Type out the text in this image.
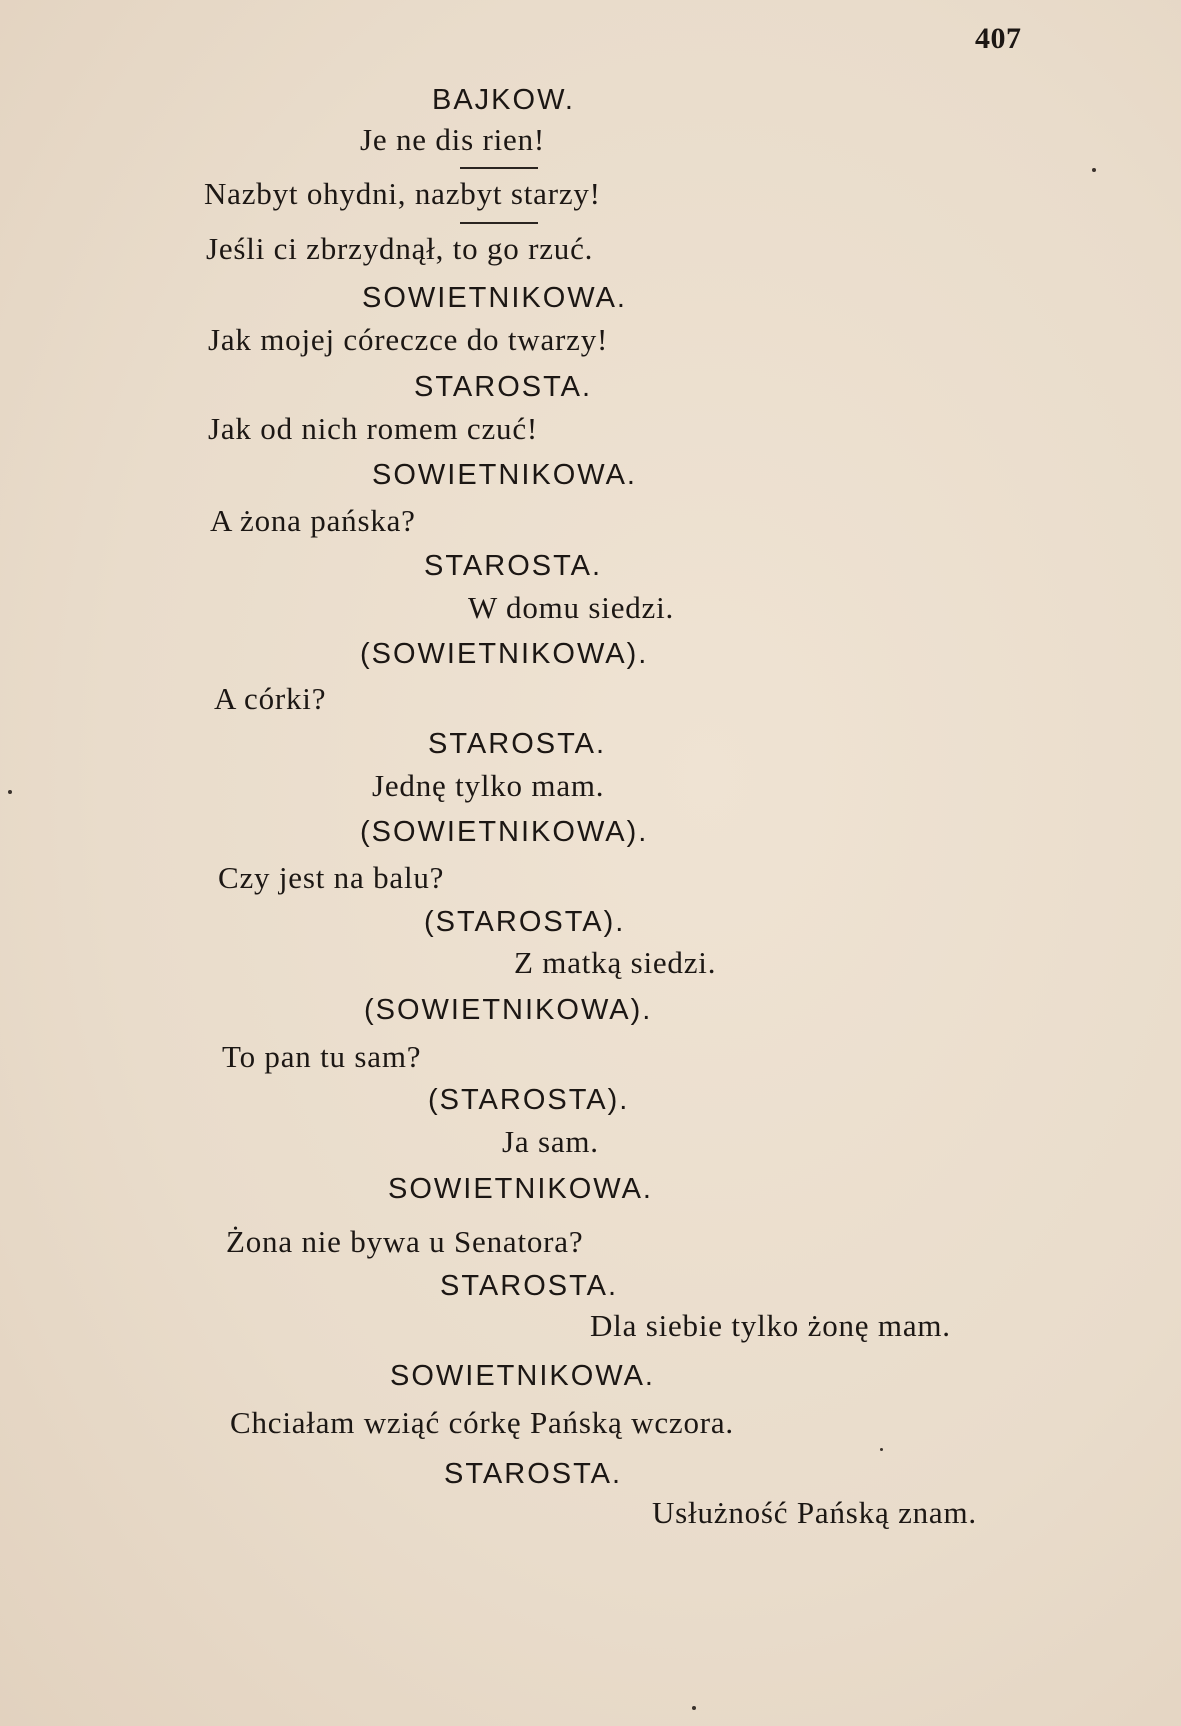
407
BAJKOW.
Je ne dis rien!
Nazbyt ohydni, nazbyt starzy!
Jeśli ci zbrzydnął, to go rzuć.
SOWIETNIKOWA.
Jak mojej córeczce do twarzy!
STAROSTA.
Jak od nich romem czuć!
SOWIETNIKOWA.
A żona pańska?
STAROSTA.
W domu siedzi.
(SOWIETNIKOWA).
A córki?
STAROSTA.
Jednę tylko mam.
(SOWIETNIKOWA).
Czy jest na balu?
(STAROSTA).
Z matką siedzi.
(SOWIETNIKOWA).
To pan tu sam?
(STAROSTA).
Ja sam.
SOWIETNIKOWA.
Żona nie bywa u Senatora?
STAROSTA.
Dla siebie tylko żonę mam.
SOWIETNIKOWA.
Chciałam wziąć córkę Pańską wczora.
STAROSTA.
Usłużność Pańską znam.
